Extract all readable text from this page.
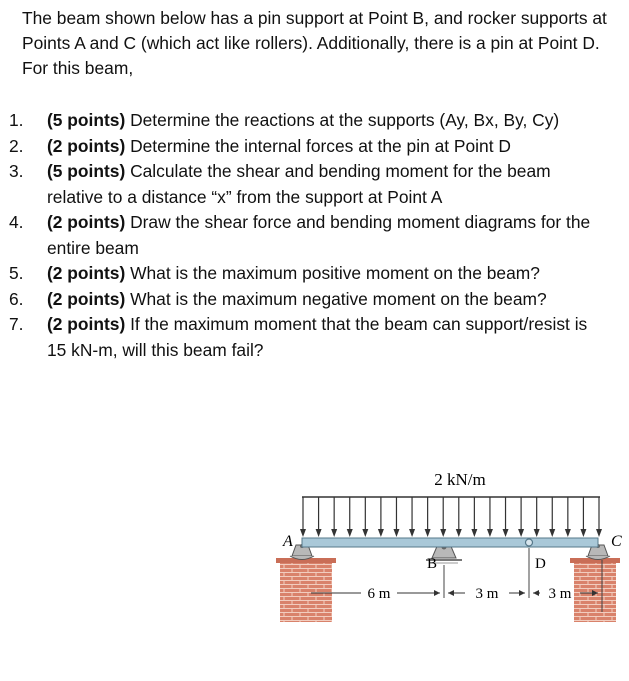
The beam shown below has a pin support at Point B, and rocker supports at Points A and C (which act like rollers). Additionally, there is a pin at Point D. For this beam,
1. (5 points) Determine the reactions at the supports (Ay, Bx, By, Cy)
2. (2 points) Determine the internal forces at the pin at Point D
3. (5 points) Calculate the shear and bending moment for the beam relative to a distance “x” from the support at Point A
4. (2 points) Draw the shear force and bending moment diagrams for the entire beam
5. (2 points) What is the maximum positive moment on the beam?
6. (2 points) What is the maximum negative moment on the beam?
7. (2 points) If the maximum moment that the beam can support/resist is 15 kN-m, will this beam fail?
2 kN/m
A
B
C
D
6 m	3 m	3 m
